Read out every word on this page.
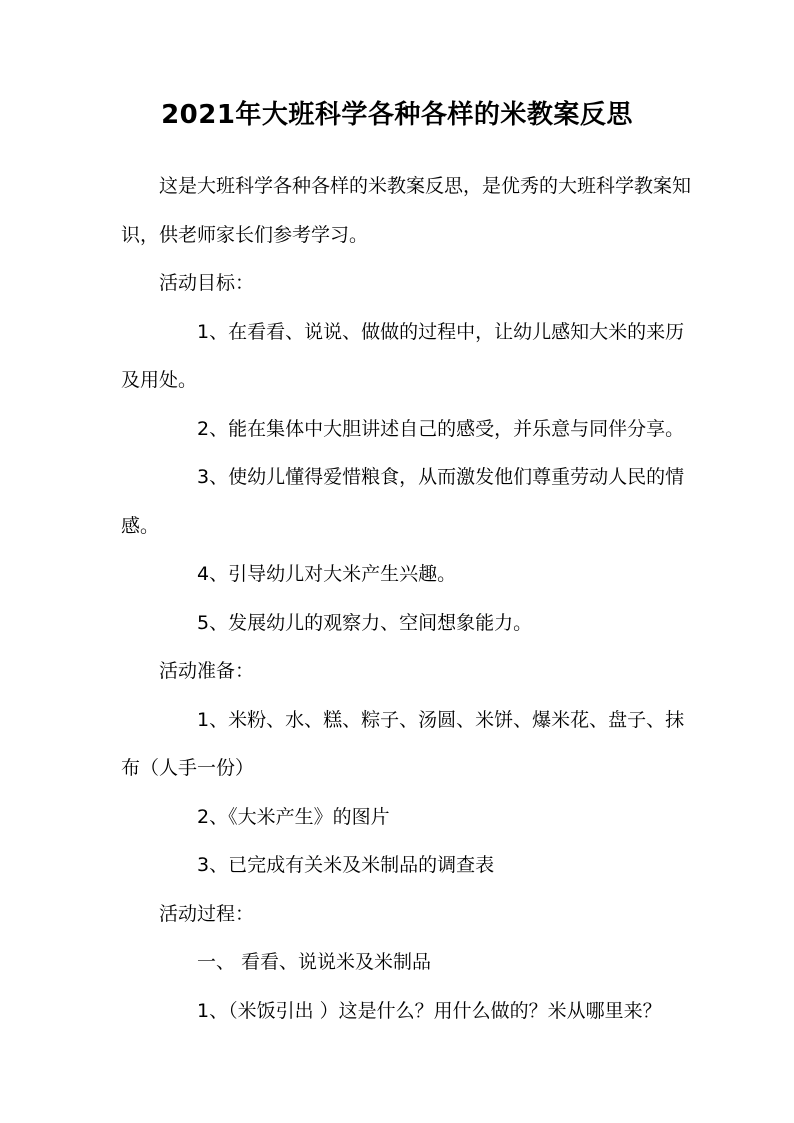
2021年大班科学各种各样的米教案反思

这是大班科学各种各样的米教案反思，是优秀的大班科学教案知

识，供老师家长们参考学习。

活动目标：

1、在看看、说说、做做的过程中，让幼儿感知大米的来历

及用处。

2、能在集体中大胆讲述自己的感受，并乐意与同伴分享。

3、使幼儿懂得爱惜粮食，从而激发他们尊重劳动人民的情

感。

4、引导幼儿对大米产生兴趣。

5、发展幼儿的观察力、空间想象能力。

活动准备：

1、米粉、水、糕、粽子、汤圆、米饼、爆米花、盘子、抹

布（人手一份）

2、《大米产生》的图片

3、已完成有关米及米制品的调查表

活动过程：

一、 看看、说说米及米制品

1、（米饭引出 ）这是什么？用什么做的？米从哪里来？
